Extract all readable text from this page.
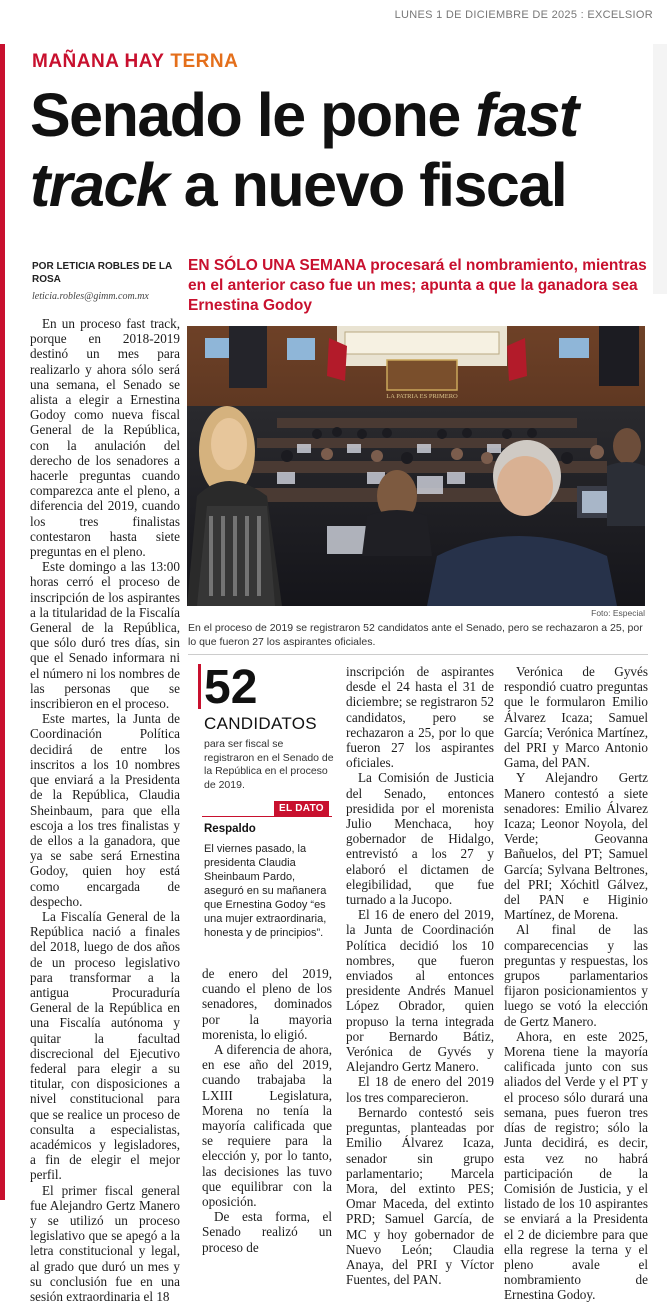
LUNES 1 DE DICIEMBRE DE 2025 : EXCELSIOR
MAÑANA HAY TERNA
Senado le pone fast
track a nuevo fiscal
POR LETICIA ROBLES DE LA ROSA
leticia.robles@gimm.com.mx
EN SÓLO UNA SEMANA procesará el nombramiento, mientras en el anterior caso fue un mes; apunta a que la ganadora sea Ernestina Godoy

En un proceso fast track, porque en 2018-2019 destinó un mes para realizarlo y ahora sólo será una semana, el Senado se alista a elegir a Ernestina Godoy como nueva fiscal General de la República, con la anulación del derecho de los senadores a hacerle preguntas cuando comparezca ante el pleno, a diferencia del 2019, cuando los tres finalistas contestaron hasta siete preguntas en el pleno.

Este domingo a las 13:00 horas cerró el proceso de inscripción de los aspirantes a la titularidad de la Fiscalía General de la República, que sólo duró tres días, sin que el Senado informara ni el número ni los nombres de las personas que se inscribieron en el proceso.

Este martes, la Junta de Coordinación Política decidirá de entre los inscritos a los 10 nombres que enviará a la Presidenta de la República, Claudia Sheinbaum, para que ella escoja a los tres finalistas y de ellos a la ganadora, que ya se sabe será Ernestina Godoy, quien hoy está como encargada de despecho.

La Fiscalía General de la República nació a finales del 2018, luego de dos años de un proceso legislativo para transformar a la antigua Procuraduría General de la República en una Fiscalía autónoma y quitar la facultad discrecional del Ejecutivo federal para elegir a su titular, con disposiciones a nivel constitucional para que se realice un proceso de consulta a especialistas, académicos y legisladores, a fin de elegir el mejor perfil.

El primer fiscal general fue Alejandro Gertz Manero y se utilizó un proceso legislativo que se apegó a la letra constitucional y legal, al grado que duró un mes y su conclusión fue en una sesión extraordinaria el 18

LA PATRIA ES PRIMERO
Foto: Especial
En el proceso de 2019 se registraron 52 candidatos ante el Senado, pero se rechazaron a 25, por lo que fueron 27 los aspirantes oficiales.
52
CANDIDATOS
para ser fiscal se registraron en el Senado de la República en el proceso de 2019.
EL DATO
Respaldo
El viernes pasado, la presidenta Claudia Sheinbaum Pardo, aseguró en su mañanera que Ernestina Godoy “es una mujer extraordinaria, honesta y de principios”.

de enero del 2019, cuando el pleno de los senadores, dominados por la mayoria morenista, lo eligió.

A diferencia de ahora, en ese año del 2019, cuando trabajaba la LXIII Legislatura, Morena no tenía la mayoría calificada que se requiere para la elección y, por lo tanto, las decisiones las tuvo que equilibrar con la oposición.

De esta forma, el Senado realizó un proceso de

inscripción de aspirantes desde el 24 hasta el 31 de diciembre; se registraron 52 candidatos, pero se rechazaron a 25, por lo que fueron 27 los aspirantes oficiales.

La Comisión de Justicia del Senado, entonces presidida por el morenista Julio Menchaca, hoy gobernador de Hidalgo, entrevistó a los 27 y elaboró el dictamen de elegibilidad, que fue turnado a la Jucopo.

El 16 de enero del 2019, la Junta de Coordinación Política decidió los 10 nombres, que fueron enviados al entonces presidente Andrés Manuel López Obrador, quien propuso la terna integrada por Bernardo Bátiz, Verónica de Gyvés y Alejandro Gertz Manero.

El 18 de enero del 2019 los tres comparecieron.

Bernardo contestó seis preguntas, planteadas por Emilio Álvarez Icaza, senador sin grupo parlamentario; Marcela Mora, del extinto PES; Omar Maceda, del extinto PRD; Samuel García, de MC y hoy gobernador de Nuevo León; Claudia Anaya, del PRI y Víctor Fuentes, del PAN.

Verónica de Gyvés respondió cuatro preguntas que le formularon Emilio Álvarez Icaza; Samuel García; Verónica Martínez, del PRI y Marco Antonio Gama, del PAN.

Y Alejandro Gertz Manero contestó a siete senadores: Emilio Álvarez Icaza; Leonor Noyola, del Verde; Geovanna Bañuelos, del PT; Samuel García; Sylvana Beltrones, del PRI; Xóchitl Gálvez, del PAN e Higinio Martínez, de Morena.

Al final de las comparecencias y las preguntas y respuestas, los grupos parlamentarios fijaron posicionamientos y luego se votó la elección de Gertz Manero.

Ahora, en este 2025, Morena tiene la mayoría calificada junto con sus aliados del Verde y el PT y el proceso sólo durará una semana, pues fueron tres días de registro; sólo la Junta decidirá, es decir, esta vez no habrá participación de la Comisión de Justicia, y el listado de los 10 aspirantes se enviará a la Presidenta el 2 de diciembre para que ella regrese la terna y el pleno avale el nombramiento de Ernestina Godoy.
